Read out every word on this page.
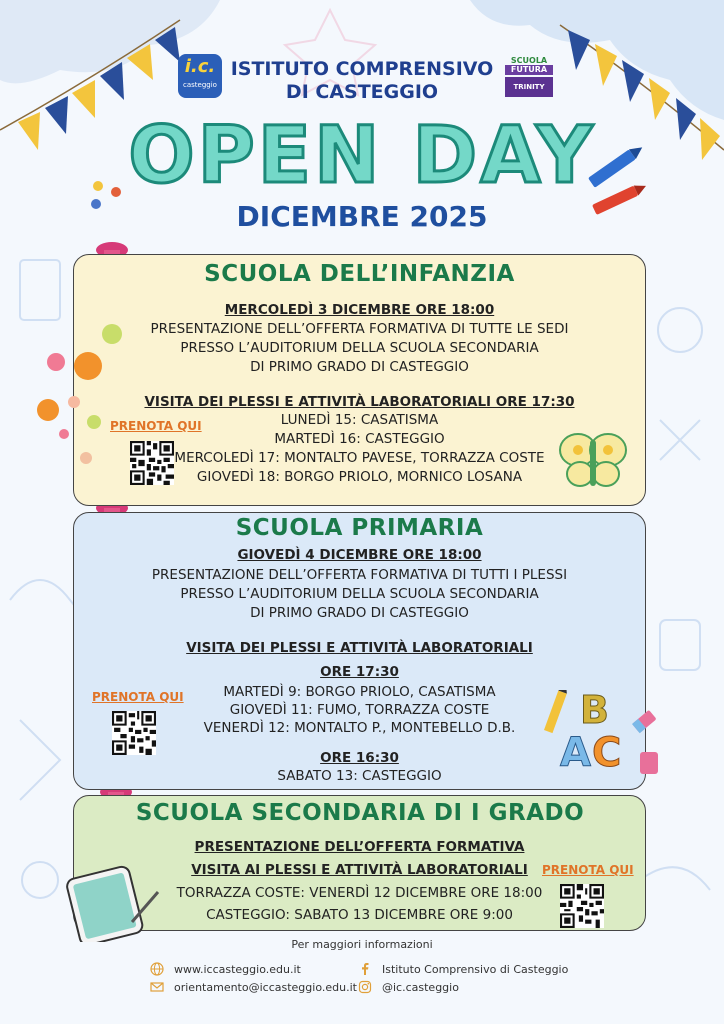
i.c.
casteggio
ISTITUTO COMPRENSIVO
DI CASTEGGIO
SCUOLA
FUTURA
TRINITY
OPEN DAY
DICEMBRE 2025
SCUOLA DELL’INFANZIA
MERCOLEDÌ 3 DICEMBRE ORE 18:00
PRESENTAZIONE DELL’OFFERTA FORMATIVA DI TUTTE LE SEDI
PRESSO L’AUDITORIUM DELLA SCUOLA SECONDARIA
DI PRIMO GRADO DI CASTEGGIO
VISITA DEI PLESSI E ATTIVITÀ LABORATORIALI ORE 17:30
LUNEDÌ 15: CASATISMA
MARTEDÌ 16: CASTEGGIO
MERCOLEDÌ 17: MONTALTO PAVESE, TORRAZZA COSTE
GIOVEDÌ 18: BORGO PRIOLO, MORNICO LOSANA
PRENOTA QUI
SCUOLA PRIMARIA
GIOVEDÌ 4 DICEMBRE ORE 18:00
PRESENTAZIONE DELL’OFFERTA FORMATIVA DI TUTTI I PLESSI
PRESSO L’AUDITORIUM DELLA SCUOLA SECONDARIA
DI PRIMO GRADO DI CASTEGGIO
VISITA DEI PLESSI E ATTIVITÀ LABORATORIALI
ORE 17:30
MARTEDÌ 9: BORGO PRIOLO, CASATISMA
GIOVEDÌ 11: FUMO, TORRAZZA COSTE
VENERDÌ 12: MONTALTO P., MONTEBELLO D.B.
ORE 16:30
SABATO 13: CASTEGGIO
PRENOTA QUI	B
A C
SCUOLA SECONDARIA DI I GRADO
PRESENTAZIONE DELL’OFFERTA FORMATIVA
VISITA AI PLESSI E ATTIVITÀ LABORATORIALI
TORRAZZA COSTE: VENERDÌ 12 DICEMBRE ORE 18:00
CASTEGGIO: SABATO 13 DICEMBRE ORE 9:00
PRENOTA QUI
Per maggiori informazioni
www.iccasteggio.edu.it
orientamento@iccasteggio.edu.it
Istituto Comprensivo di Casteggio
@ic.casteggio
